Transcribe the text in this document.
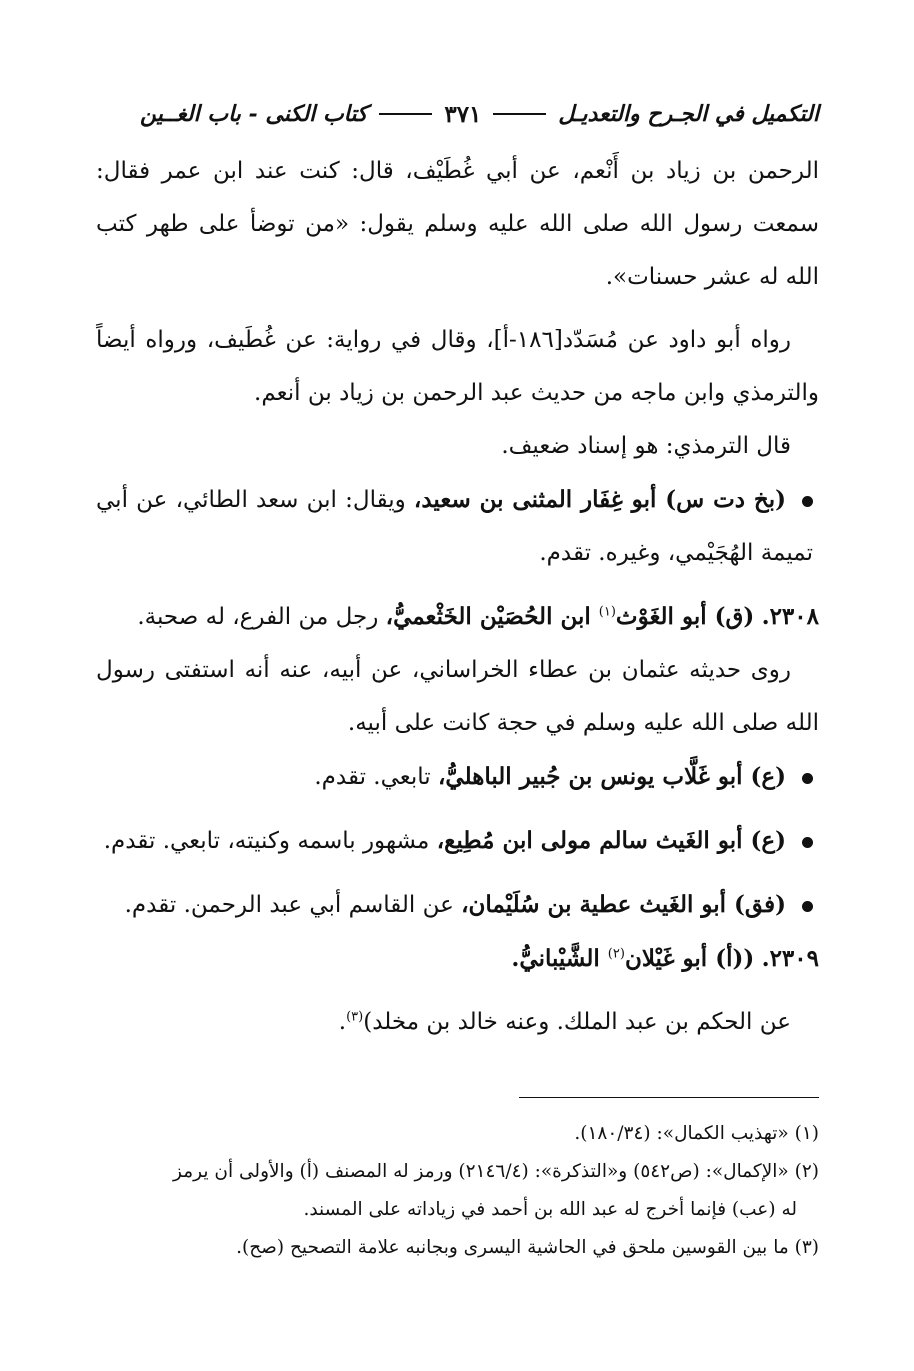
التكميل في الجـرح والتعديـل
٣٧١
كتاب الكنى - باب الغــين

الرحمن بن زياد بن أَنْعم، عن أبي غُطَيْف، قال: كنت عند ابن عمر فقال: سمعت رسول الله صلى الله عليه وسلم يقول: «من توضأ على طهر كتب الله له عشر حسنات».

رواه أبو داود عن مُسَدّد[١٨٦-أ]، وقال في رواية: عن غُطَيف، ورواه أيضاً والترمذي وابن ماجه من حديث عبد الرحمن بن زياد بن أنعم.

قال الترمذي: هو إسناد ضعيف.

(بخ دت س) أبو غِفَار المثنى بن سعيد، ويقال: ابن سعد الطائي، عن أبي تميمة الهُجَيْمي، وغيره. تقدم.

٢٣٠٨. (ق) أبو الغَوْث$^{(١)}$ ابن الحُصَيْن الخَثْعميُّ، رجل من الفرع، له صحبة.

روى حديثه عثمان بن عطاء الخراساني، عن أبيه، عنه أنه استفتى رسول الله صلى الله عليه وسلم في حجة كانت على أبيه.

(ع) أبو غَلَّاب يونس بن جُبير الباهليُّ، تابعي. تقدم.

(ع) أبو الغَيث سالم مولى ابن مُطِيع، مشهور باسمه وكنيته، تابعي. تقدم.

(فق) أبو الغَيث عطية بن سُلَيْمان، عن القاسم أبي عبد الرحمن. تقدم.

٢٣٠٩. ((أ) أبو غَيْلان$^{(٢)}$ الشَّيْبانيُّ.

عن الحكم بن عبد الملك. وعنه خالد بن مخلد)$^{(٣)}$.

(١) «تهذيب الكمال»: (١٨٠/٣٤).

(٢) «الإكمال»: (ص٥٤٢) و«التذكرة»: (٢١٤٦/٤) ورمز له المصنف (أ) والأولى أن يرمز

له (عب) فإنما أخرج له عبد الله بن أحمد في زياداته على المسند.

(٣) ما بين القوسين ملحق في الحاشية اليسرى وبجانبه علامة التصحيح (صح).
